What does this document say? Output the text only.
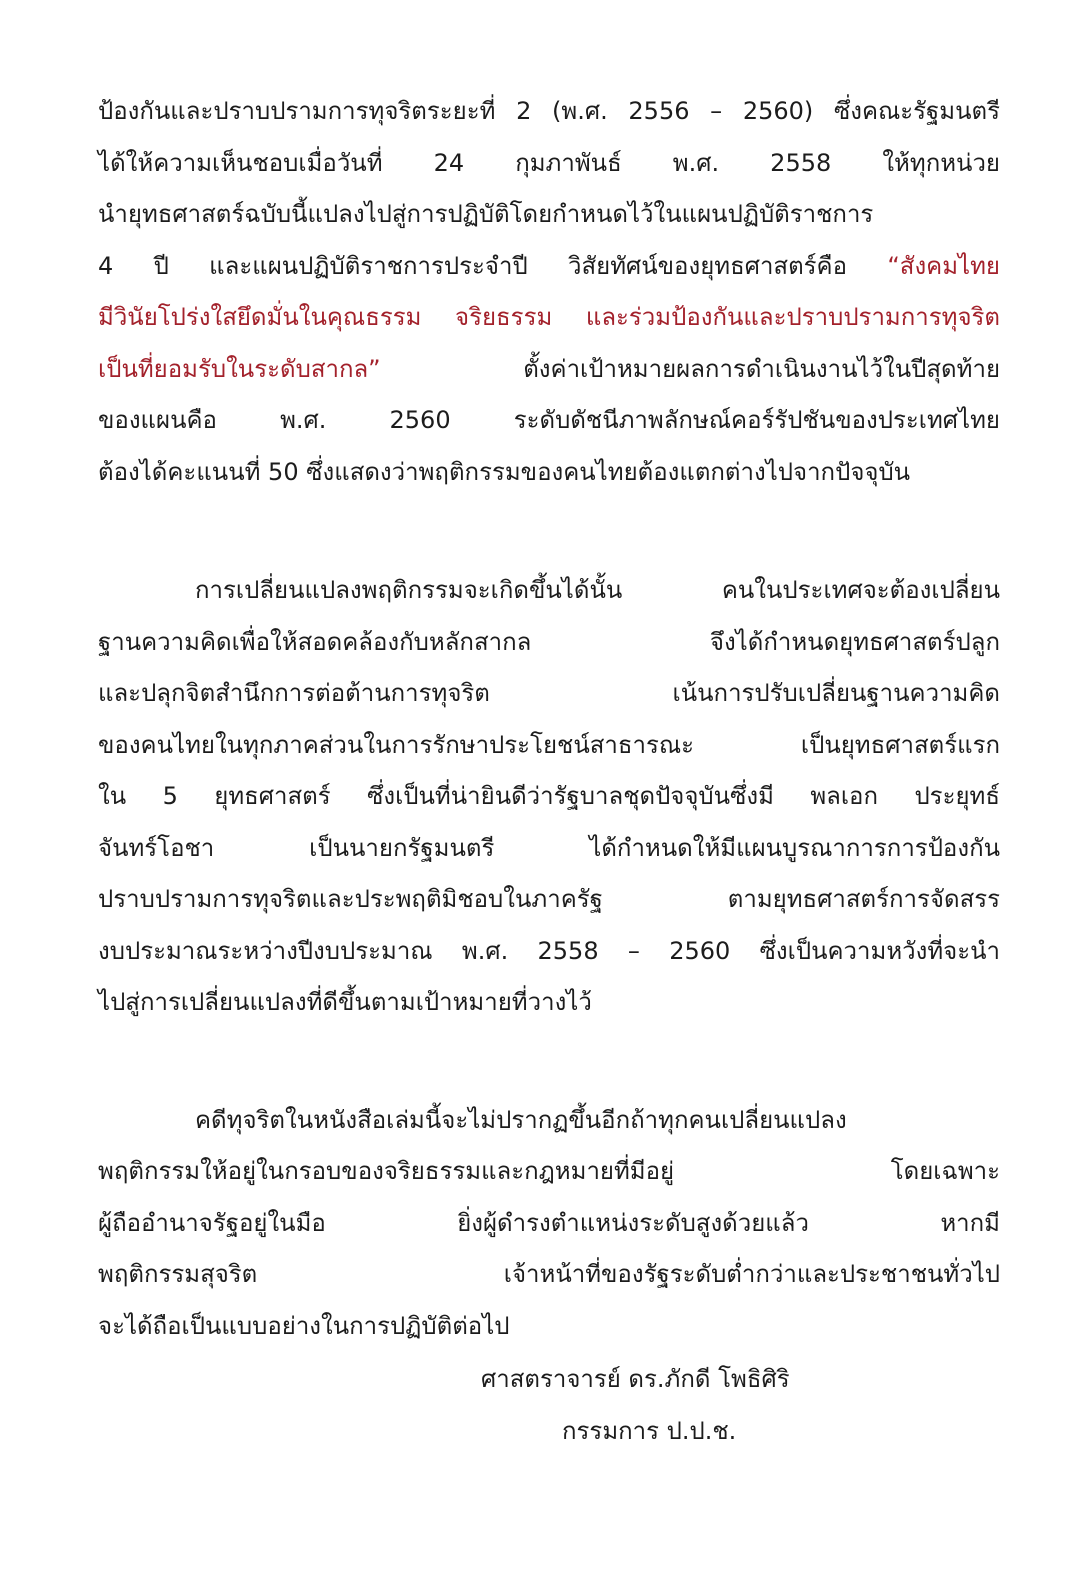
ป้องกันและปราบปรามการทุจริตระยะที่ 2 (พ.ศ. 2556 – 2560) ซึ่งคณะรัฐมนตรี
ได้ให้ความเห็นชอบเมื่อวันที่ 24 กุมภาพันธ์ พ.ศ. 2558 ให้ทุกหน่วย
นำยุทธศาสตร์ฉบับนี้แปลงไปสู่การปฏิบัติโดยกำหนดไว้ในแผนปฏิบัติราชการ
4 ปี และแผนปฏิบัติราชการประจำปี วิสัยทัศน์ของยุทธศาสตร์คือ “สังคมไทย
มีวินัยโปร่งใสยึดมั่นในคุณธรรม จริยธรรม และร่วมป้องกันและปราบปรามการทุจริต
เป็นที่ยอมรับในระดับสากล” ตั้งค่าเป้าหมายผลการดำเนินงานไว้ในปีสุดท้าย
ของแผนคือ พ.ศ. 2560 ระดับดัชนีภาพลักษณ์คอร์รัปชันของประเทศไทย
ต้องได้คะแนนที่ 50 ซึ่งแสดงว่าพฤติกรรมของคนไทยต้องแตกต่างไปจากปัจจุบัน
การเปลี่ยนแปลงพฤติกรรมจะเกิดขึ้นได้นั้น คนในประเทศจะต้องเปลี่ยน
ฐานความคิดเพื่อให้สอดคล้องกับหลักสากล จึงได้กำหนดยุทธศาสตร์ปลูก
และปลุกจิตสำนึกการต่อต้านการทุจริต เน้นการปรับเปลี่ยนฐานความคิด
ของคนไทยในทุกภาคส่วนในการรักษาประโยชน์สาธารณะ เป็นยุทธศาสตร์แรก
ใน 5 ยุทธศาสตร์ ซึ่งเป็นที่น่ายินดีว่ารัฐบาลชุดปัจจุบันซึ่งมี พลเอก ประยุทธ์
จันทร์โอชา เป็นนายกรัฐมนตรี ได้กำหนดให้มีแผนบูรณาการการป้องกัน
ปราบปรามการทุจริตและประพฤติมิชอบในภาครัฐ ตามยุทธศาสตร์การจัดสรร
งบประมาณระหว่างปีงบประมาณ พ.ศ. 2558 – 2560 ซึ่งเป็นความหวังที่จะนำ
ไปสู่การเปลี่ยนแปลงที่ดีขึ้นตามเป้าหมายที่วางไว้
คดีทุจริตในหนังสือเล่มนี้จะไม่ปรากฏขึ้นอีกถ้าทุกคนเปลี่ยนแปลง
พฤติกรรมให้อยู่ในกรอบของจริยธรรมและกฎหมายที่มีอยู่ โดยเฉพาะ
ผู้ถืออำนาจรัฐอยู่ในมือ ยิ่งผู้ดำรงตำแหน่งระดับสูงด้วยแล้ว หากมี
พฤติกรรมสุจริต เจ้าหน้าที่ของรัฐระดับต่ำกว่าและประชาชนทั่วไป
จะได้ถือเป็นแบบอย่างในการปฏิบัติต่อไป
ศาสตราจารย์ ดร.ภักดี โพธิศิริ
กรรมการ ป.ป.ช.
